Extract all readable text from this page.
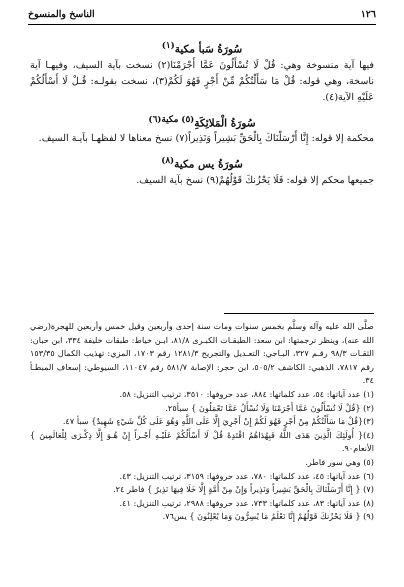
١٢٦
الناسخ والمنسوخ

سُورَةُ سَبأ مكية$^{(١)}$

فيها آية منسوخة وهي: قُلْ لَا تُسْأَلُونَ عَمَّا أَجْرَمْنَا(٢) نسخت بآية السيف، وفيهـا آية ناسخة، وهي قوله: قُلْ مَا سَأَلْتُكُمْ مِّنْ أَجْرٍ فَهُوَ لَكُمْ(٣)، نسخت بقولـه: قُـلْ لَا أَسْأَلُكُمْ عَلَيْهِ الآية(٤).

سُورَةُ الْمَلائِكَةِ$^{(٥) مكية(٦)}$

محكمة إلا قوله: إِنَّا أَرْسَلْنَاكَ بِالْحَقِّ بَشِيراً وَنَذِيراً(٧) نسخ معناها لا لفظهـا بآيـة السيف.

سُورَةُ يس مكية$^{(٨)}$

جميعها محكم إلا قوله: فَلَا يَحْزُنكَ قَوْلُهُمْ(٩) نسخ بآية السيف.

صلَّى الله عليه وآله وسلَّم بخمس سنوات ومات سنة إحدى وأربعين وقيل خمس وأربعين للهجرة(رضي الله عنه)، وينظر ترجمتها: ابن سعد: الطبقـات الكبـرى ٨١/٨، ابـن خياط: طبقات خليفة ٣٣٤، ابن حبان: الثقـات ٩٨/٣ رقـم ٣٢٧، البـاجي: التعـديل والتجريح ١٢٨١/٣ رقم ١٧٠٣، المزي: تهذيب الكمال ١٥٣/٣٥ رقم ٧٨١٧، الذهبي: الكاشف ٥٠٥/٢، ابن حجر: الإصابة ٥٨١/٧ رقم ١١٠٤٧، السيوطي: إسعاف المبطـأ ٣٤.

(١) عدد آياتها: ٥٤، عدد كلماتها: ٨٨٤، عدد حروفها: ٣٥١٠، ترتيب التنزيل: ٥٨.

(٢) {قُلْ لَا تُسْأَلُونَ عَمَّا أَجْرَمْنَا وَلَا نُسْأَلُ عَمَّا تَعْمَلُونَ } سبأ٢٥.

(٣){قُلْ مَا سَأَلْتُكُمْ مِنْ أَجْرٍ فَهُوَ لَكُمْ إِنْ أَجْرِيَ إِلَّا عَلَى اللَّهِ وَهُوَ عَلَى كُلِّ شَيْءٍ شَهِيدٌ} سبأ ٤٧.

(٤){ أُولَئِكَ الَّذِينَ هَدَى اللَّهُ فَبِهُدَاهُمُ اقْتَدِهْ قُلْ لَا أَسْأَلُكُمْ عَلَيْـهِ أَجْـراً إِنْ هُـوَ إِلَّا ذِكْـرَى لِلْعَالَمِينَ }الأنعام٩٠.

(٥) وهي سور فاطر.

(٦) عدد آياتها: ٤٥، عدد كلماتها: ٧٨٠، عدد حروفها: ٣١٥٩، ترتيب التنزيل: ٤٣.

(٧) { إِنَّا أَرْسَلْنَاكَ بِالْحَقِّ بَشِيراً وَنَذِيراً وَإِنْ مِنْ أُمَّةٍ إِلَّا خَلَا فِيهَا نَذِيرٌ } فاطر ٢٤.

(٨) عدد آياتها: ٨٣، عدد كلماتها: ٧٣٣، عدد حروفها: ٢٩٨٨، ترتيب التنزيل: ٤١.

(٩) { فَلَا يَحْزُنكَ قَوْلُهُمْ إِنَّا نَعْلَمُ مَا يُسِرُّونَ وَمَا يُعْلِنُونَ } يس٧٦.
